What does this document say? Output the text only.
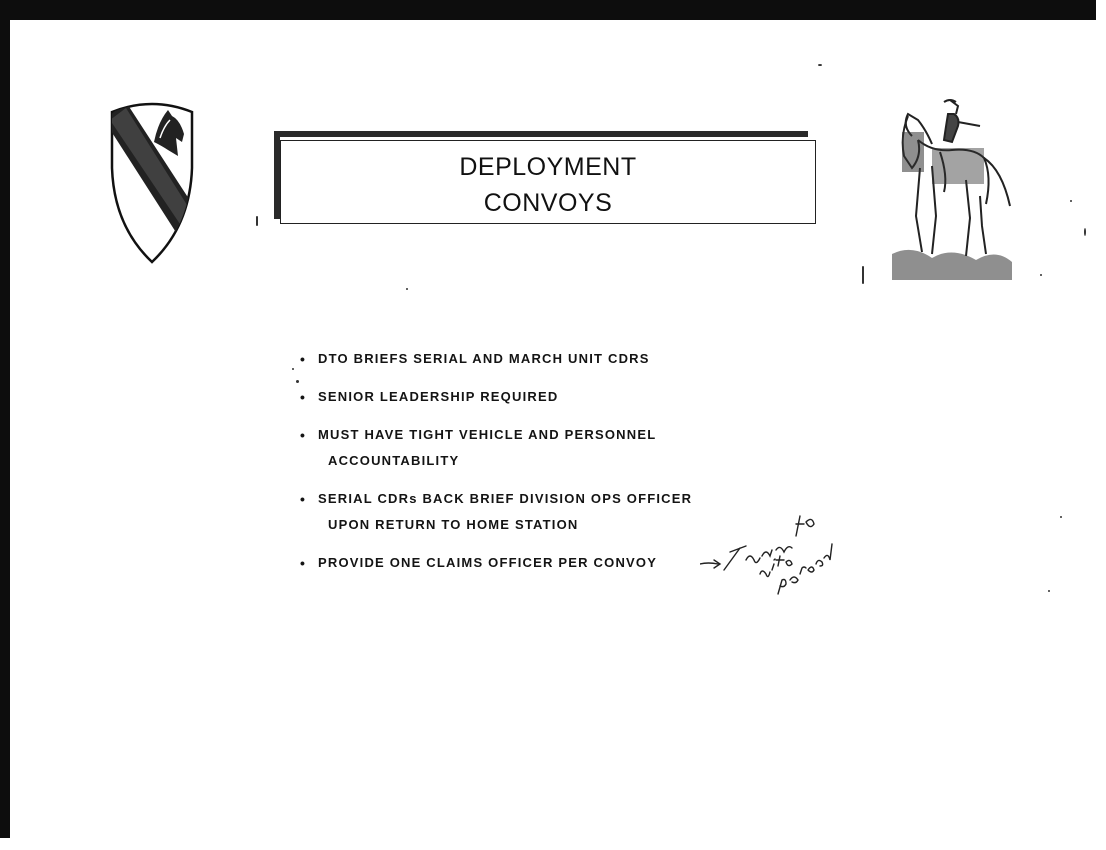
DEPLOYMENT
CONVOYS
• DTO BRIEFS SERIAL AND MARCH UNIT CDRS
• SENIOR LEADERSHIP REQUIRED
• MUST HAVE TIGHT VEHICLE AND PERSONNEL
ACCOUNTABILITY
• SERIAL CDRs BACK BRIEF DIVISION OPS OFFICER
UPON RETURN TO HOME STATION
• PROVIDE ONE CLAIMS OFFICER PER CONVOY
